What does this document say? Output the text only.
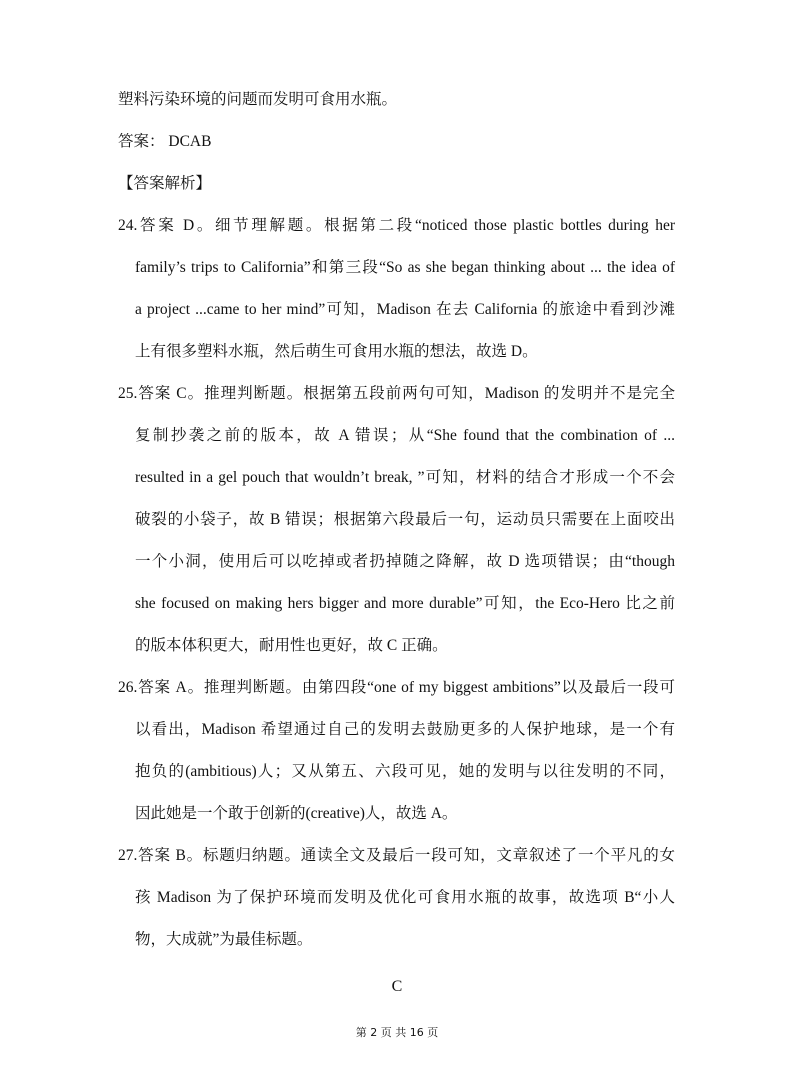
塑料污染环境的问题而发明可食用水瓶。
答案： DCAB
【答案解析】
24.答案 D。细节理解题。根据第二段“noticed those plastic bottles during her
family’s trips to California”和第三段“So as she began thinking about ... the idea of
a project ...came to her mind”可知，Madison 在去 California 的旅途中看到沙滩
上有很多塑料水瓶，然后萌生可食用水瓶的想法，故选 D。
25.答案 C。推理判断题。根据第五段前两句可知，Madison 的发明并不是完全
复制抄袭之前的版本，故 A 错误；从“She found that the combination of ...
resulted in a gel pouch that wouldn’t break, ”可知，材料的结合才形成一个不会
破裂的小袋子，故 B 错误；根据第六段最后一句，运动员只需要在上面咬出
一个小洞，使用后可以吃掉或者扔掉随之降解，故 D 选项错误；由“though
she focused on making hers bigger and more durable”可知，the Eco-Hero 比之前
的版本体积更大，耐用性也更好，故 C 正确。
26.答案 A。推理判断题。由第四段“one of my biggest ambitions”以及最后一段可
以看出，Madison 希望通过自己的发明去鼓励更多的人保护地球，是一个有
抱负的(ambitious)人；又从第五、六段可见，她的发明与以往发明的不同，
因此她是一个敢于创新的(creative)人，故选 A。
27.答案 B。标题归纳题。通读全文及最后一段可知，文章叙述了一个平凡的女
孩 Madison 为了保护环境而发明及优化可食用水瓶的故事，故选项 B“小人
物，大成就”为最佳标题。
C
第 2 页 共 16 页
